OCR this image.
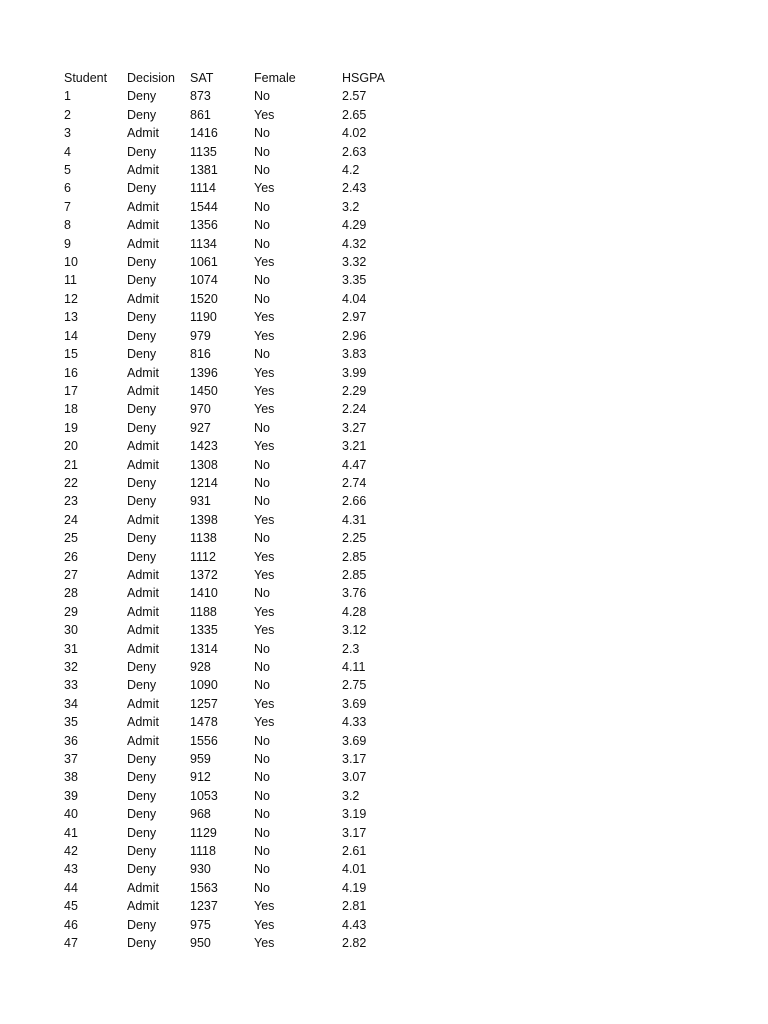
Student	Decision	SAT	Female	HSGPA
1	Deny	873	No	2.57
2	Deny	861	Yes	2.65
3	Admit	1416	No	4.02
4	Deny	1135	No	2.63
5	Admit	1381	No	4.2
6	Deny	1114	Yes	2.43
7	Admit	1544	No	3.2
8	Admit	1356	No	4.29
9	Admit	1134	No	4.32
10	Deny	1061	Yes	3.32
11	Deny	1074	No	3.35
12	Admit	1520	No	4.04
13	Deny	1190	Yes	2.97
14	Deny	979	Yes	2.96
15	Deny	816	No	3.83
16	Admit	1396	Yes	3.99
17	Admit	1450	Yes	2.29
18	Deny	970	Yes	2.24
19	Deny	927	No	3.27
20	Admit	1423	Yes	3.21
21	Admit	1308	No	4.47
22	Deny	1214	No	2.74
23	Deny	931	No	2.66
24	Admit	1398	Yes	4.31
25	Deny	1138	No	2.25
26	Deny	1112	Yes	2.85
27	Admit	1372	Yes	2.85
28	Admit	1410	No	3.76
29	Admit	1188	Yes	4.28
30	Admit	1335	Yes	3.12
31	Admit	1314	No	2.3
32	Deny	928	No	4.11
33	Deny	1090	No	2.75
34	Admit	1257	Yes	3.69
35	Admit	1478	Yes	4.33
36	Admit	1556	No	3.69
37	Deny	959	No	3.17
38	Deny	912	No	3.07
39	Deny	1053	No	3.2
40	Deny	968	No	3.19
41	Deny	1129	No	3.17
42	Deny	1118	No	2.61
43	Deny	930	No	4.01
44	Admit	1563	No	4.19
45	Admit	1237	Yes	2.81
46	Deny	975	Yes	4.43
47	Deny	950	Yes	2.82
